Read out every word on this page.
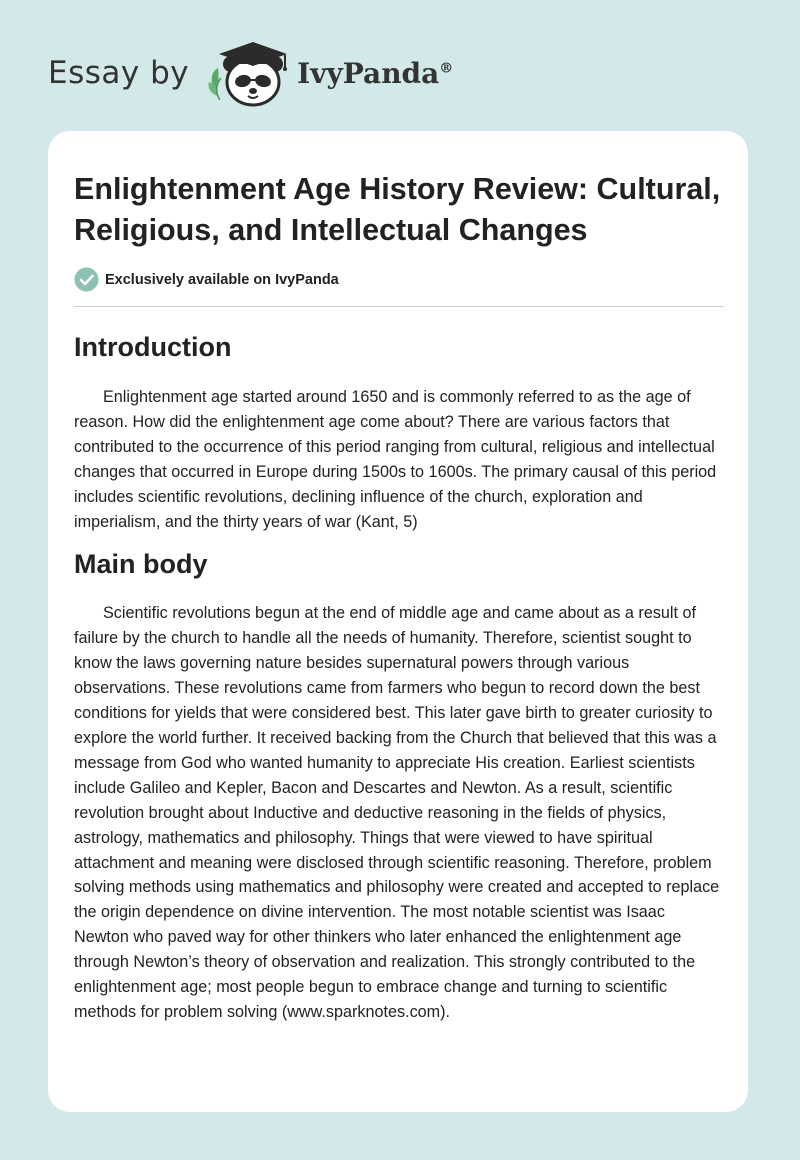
Essay by	IvyPanda®
Enlightenment Age History Review: Cultural, Religious, and Intellectual Changes
Exclusively available on IvyPanda
Introduction

Enlightenment age started around 1650 and is commonly referred to as the age of reason. How did the enlightenment age come about? There are various factors that contributed to the occurrence of this period ranging from cultural, religious and intellectual changes that occurred in Europe during 1500s to 1600s. The primary causal of this period includes scientific revolutions, declining influence of the church, exploration and imperialism, and the thirty years of war (Kant, 5)

Main body

Scientific revolutions begun at the end of middle age and came about as a result of failure by the church to handle all the needs of humanity. Therefore, scientist sought to know the laws governing nature besides supernatural powers through various observations. These revolutions came from farmers who begun to record down the best conditions for yields that were considered best. This later gave birth to greater curiosity to explore the world further. It received backing from the Church that believed that this was a message from God who wanted humanity to appreciate His creation. Earliest scientists include Galileo and Kepler, Bacon and Descartes and Newton. As a result, scientific revolution brought about Inductive and deductive reasoning in the fields of physics, astrology, mathematics and philosophy. Things that were viewed to have spiritual attachment and meaning were disclosed through scientific reasoning. Therefore, problem solving methods using mathematics and philosophy were created and accepted to replace the origin dependence on divine intervention. The most notable scientist was Isaac Newton who paved way for other thinkers who later enhanced the enlightenment age through Newton’s theory of observation and realization. This strongly contributed to the enlightenment age; most people begun to embrace change and turning to scientific methods for problem solving (www.sparknotes.com).
